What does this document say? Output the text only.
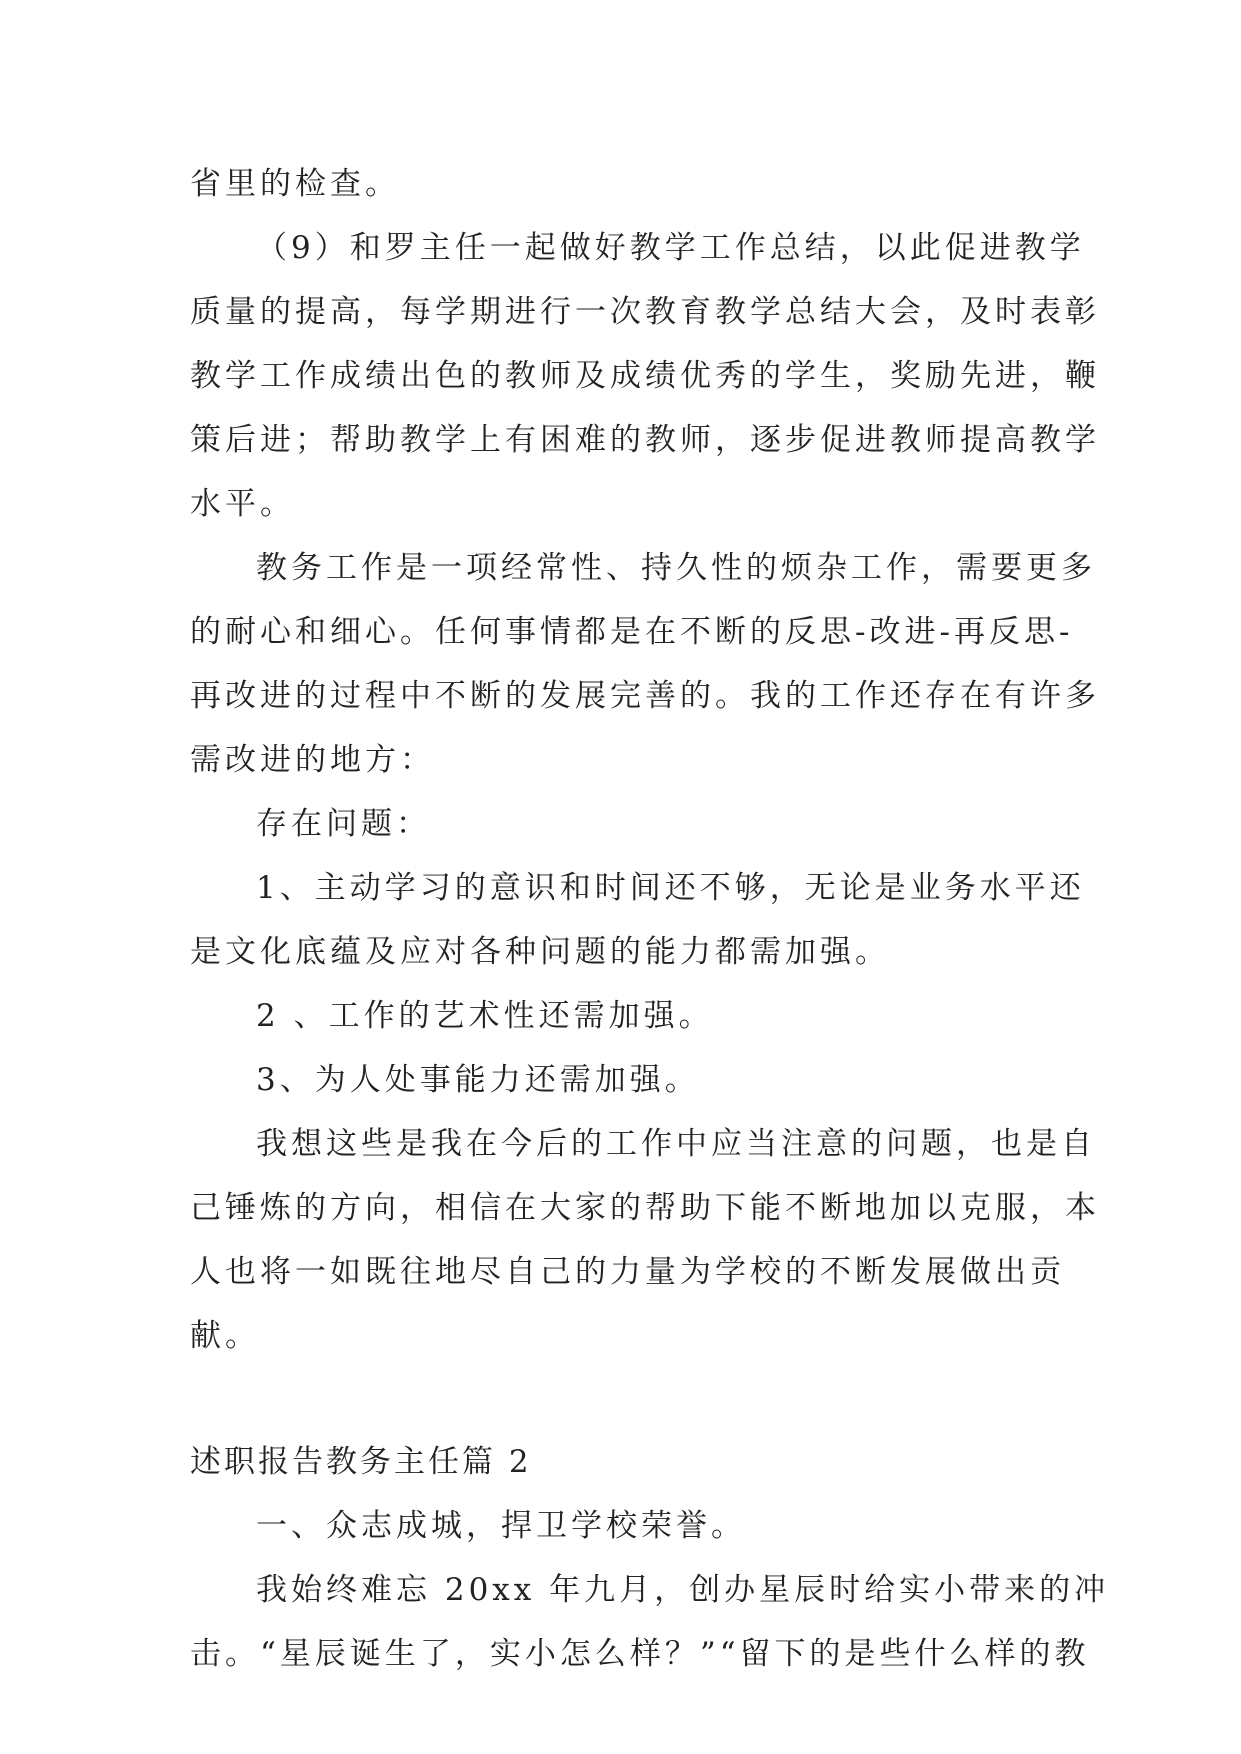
省里的检查。
（9）和罗主任一起做好教学工作总结，以此促进教学
质量的提高，每学期进行一次教育教学总结大会，及时表彰
教学工作成绩出色的教师及成绩优秀的学生，奖励先进，鞭
策后进；帮助教学上有困难的教师，逐步促进教师提高教学
水平。
教务工作是一项经常性、持久性的烦杂工作，需要更多
的耐心和细心。任何事情都是在不断的反思-改进-再反思-
再改进的过程中不断的发展完善的。我的工作还存在有许多
需改进的地方：
存在问题：
1、主动学习的意识和时间还不够，无论是业务水平还
是文化底蕴及应对各种问题的能力都需加强。
2 、工作的艺术性还需加强。
3、为人处事能力还需加强。
我想这些是我在今后的工作中应当注意的问题，也是自
己锤炼的方向，相信在大家的帮助下能不断地加以克服，本
人也将一如既往地尽自己的力量为学校的不断发展做出贡
献。
述职报告教务主任篇 2
一、众志成城，捍卫学校荣誉。
我始终难忘 20xx 年九月，创办星辰时给实小带来的冲
击。“星辰诞生了，实小怎么样？”“留下的是些什么样的教
